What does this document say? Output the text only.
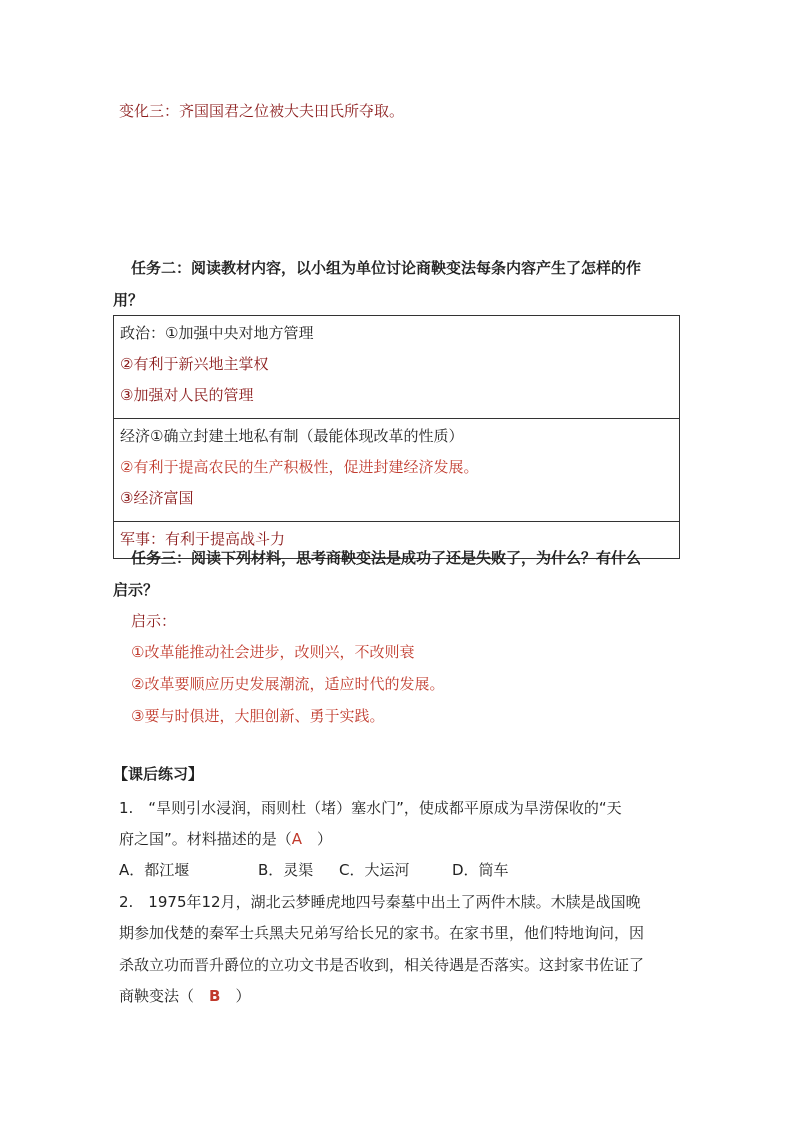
变化三：齐国国君之位被大夫田氏所夺取。
任务二：阅读教材内容，以小组为单位讨论商鞅变法每条内容产生了怎样的作
用？
政治：①加强中央对地方管理
②有利于新兴地主掌权
③加强对人民的管理

经济①确立封建土地私有制（最能体现改革的性质）
②有利于提高农民的生产积极性，促进封建经济发展。
③经济富国

军事：有利于提高战斗力
任务三：阅读下列材料，思考商鞅变法是成功了还是失败了，为什么？有什么
启示？
启示：
①改革能推动社会进步，改则兴，不改则衰
②改革要顺应历史发展潮流，适应时代的发展。
③要与时俱进，大胆创新、勇于实践。
【课后练习】
1.　“旱则引水浸润，雨则杜（堵）塞水门”，使成都平原成为旱涝保收的“天
府之国”。材料描述的是（A　）
A．都江堰	B．灵渠 C．大运河	D．筒车
2.　1975年12月，湖北云梦睡虎地四号秦墓中出土了两件木牍。木牍是战国晚
期参加伐楚的秦军士兵黑夫兄弟写给长兄的家书。在家书里，他们特地询问，因
杀敌立功而晋升爵位的立功文书是否收到，相关待遇是否落实。这封家书佐证了
商鞅变法（　B　）
